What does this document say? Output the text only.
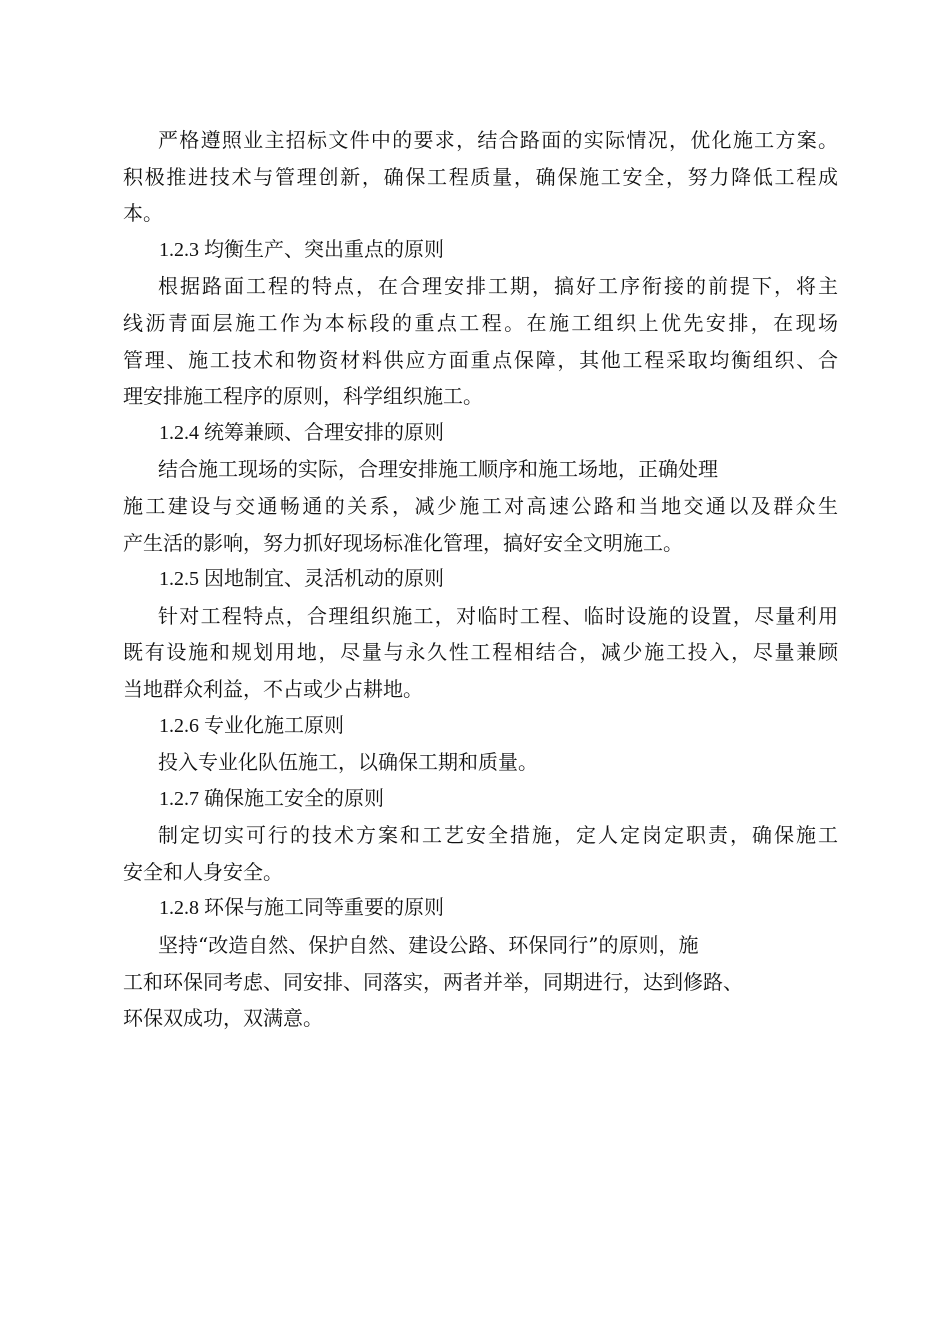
严格遵照业主招标文件中的要求，结合路面的实际情况，优化施工方案。
积极推进技术与管理创新，确保工程质量，确保施工安全，努力降低工程成
本。
1.2.3 均衡生产、突出重点的原则
根据路面工程的特点，在合理安排工期，搞好工序衔接的前提下，将主
线沥青面层施工作为本标段的重点工程。在施工组织上优先安排，在现场
管理、施工技术和物资材料供应方面重点保障，其他工程采取均衡组织、合
理安排施工程序的原则，科学组织施工。
1.2.4 统筹兼顾、合理安排的原则
结合施工现场的实际，合理安排施工顺序和施工场地，正确处理
施工建设与交通畅通的关系，减少施工对高速公路和当地交通以及群众生
产生活的影响，努力抓好现场标准化管理，搞好安全文明施工。
1.2.5 因地制宜、灵活机动的原则
针对工程特点，合理组织施工，对临时工程、临时设施的设置，尽量利用
既有设施和规划用地，尽量与永久性工程相结合，减少施工投入，尽量兼顾
当地群众利益，不占或少占耕地。
1.2.6 专业化施工原则
投入专业化队伍施工，以确保工期和质量。
1.2.7 确保施工安全的原则
制定切实可行的技术方案和工艺安全措施，定人定岗定职责，确保施工
安全和人身安全。
1.2.8 环保与施工同等重要的原则
坚持“改造自然、保护自然、建设公路、环保同行”的原则，施
工和环保同考虑、同安排、同落实，两者并举，同期进行，达到修路、
环保双成功，双满意。
